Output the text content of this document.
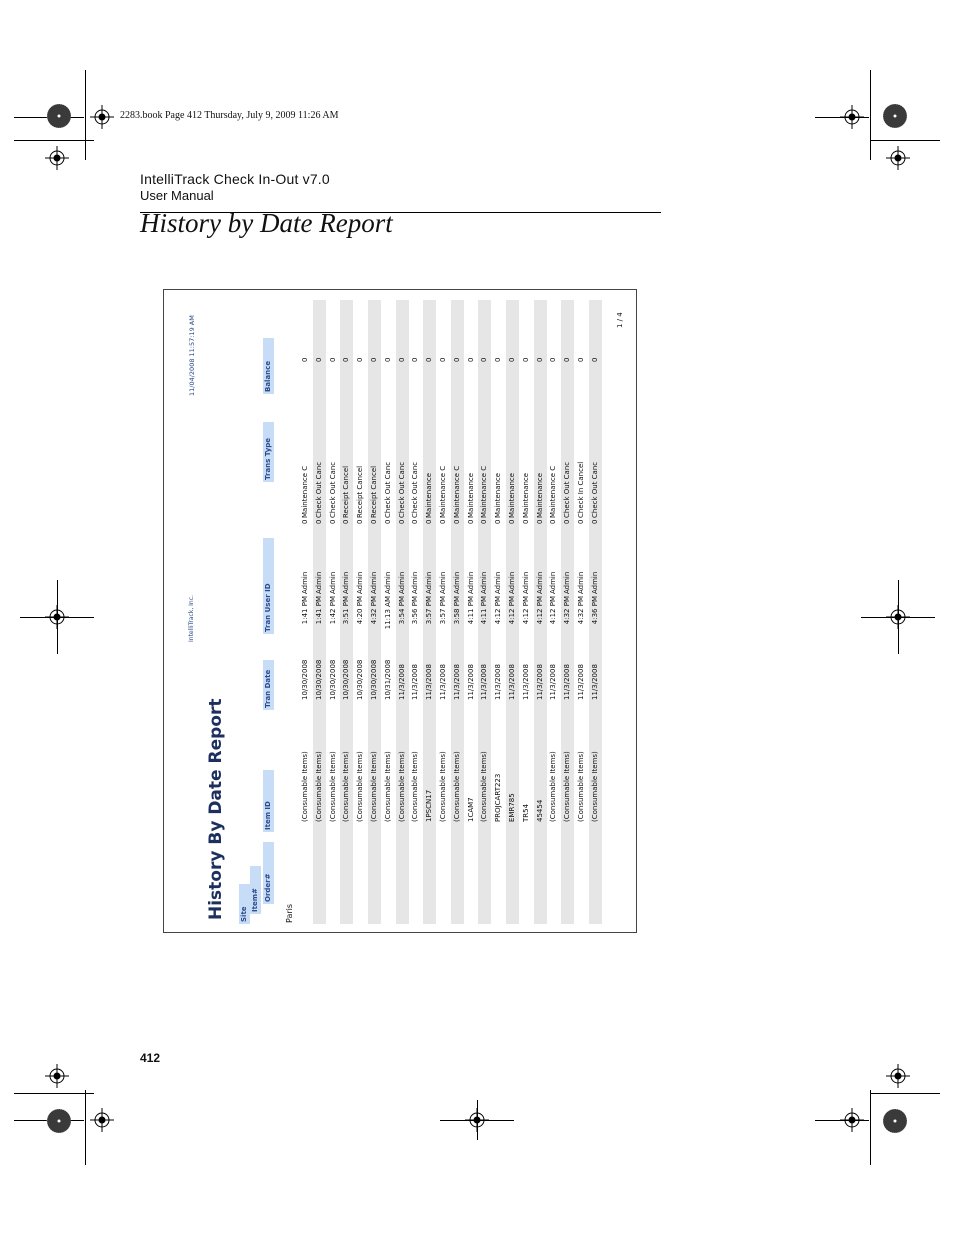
2283.book Page 412 Thursday, July 9, 2009 11:26 AM
IntelliTrack Check In-Out v7.0
User Manual
History by Date Report
History By Date Report
IntelliTrack, Inc.
11/04/2008 11:57:19 AM
Site
Item# Order#
Item ID
Tran Date
Tran User ID
Trans Type
Balance
Paris
(Consumable Items)
10/30/2008
1:41 PM
Admin
0
Maintenance C
0
(Consumable Items)
10/30/2008
1:41 PM
Admin
0
Check Out Canc
0
(Consumable Items)
10/30/2008
1:42 PM
Admin
0
Check Out Canc
0
(Consumable Items)
10/30/2008
3:51 PM
Admin
0
Receipt Cancel
0
(Consumable Items)
10/30/2008
4:20 PM
Admin
0
Receipt Cancel
0
(Consumable Items)
10/30/2008
4:32 PM
Admin
0
Receipt Cancel
0
(Consumable Items)
10/31/2008
11:13 AM
Admin
0
Check Out Canc
0
(Consumable Items)
11/3/2008
3:54 PM
Admin
0
Check Out Canc
0
(Consumable Items)
11/3/2008
3:56 PM
Admin
0
Check Out Canc
0
1PSCN17
11/3/2008
3:57 PM
Admin
0
Maintenance
0
(Consumable Items)
11/3/2008
3:57 PM
Admin
0
Maintenance C
0
(Consumable Items)
11/3/2008
3:58 PM
Admin
0
Maintenance C
0
1CAM7
11/3/2008
4:11 PM
Admin
0
Maintenance
0
(Consumable Items)
11/3/2008
4:11 PM
Admin
0
Maintenance C
0
PROJCART223
11/3/2008
4:12 PM
Admin
0
Maintenance
0
EMR785
11/3/2008
4:12 PM
Admin
0
Maintenance
0
TR54
11/3/2008
4:12 PM
Admin
0
Maintenance
0
45454
11/3/2008
4:12 PM
Admin
0
Maintenance
0
(Consumable Items)
11/3/2008
4:12 PM
Admin
0
Maintenance C
0
(Consumable Items)
11/3/2008
4:32 PM
Admin
0
Check Out Canc
0
(Consumable Items)
11/3/2008
4:32 PM
Admin
0
Check In Cancel
0
(Consumable Items)
11/3/2008
4:36 PM
Admin
0
Check Out Canc
0
1 / 4
412
